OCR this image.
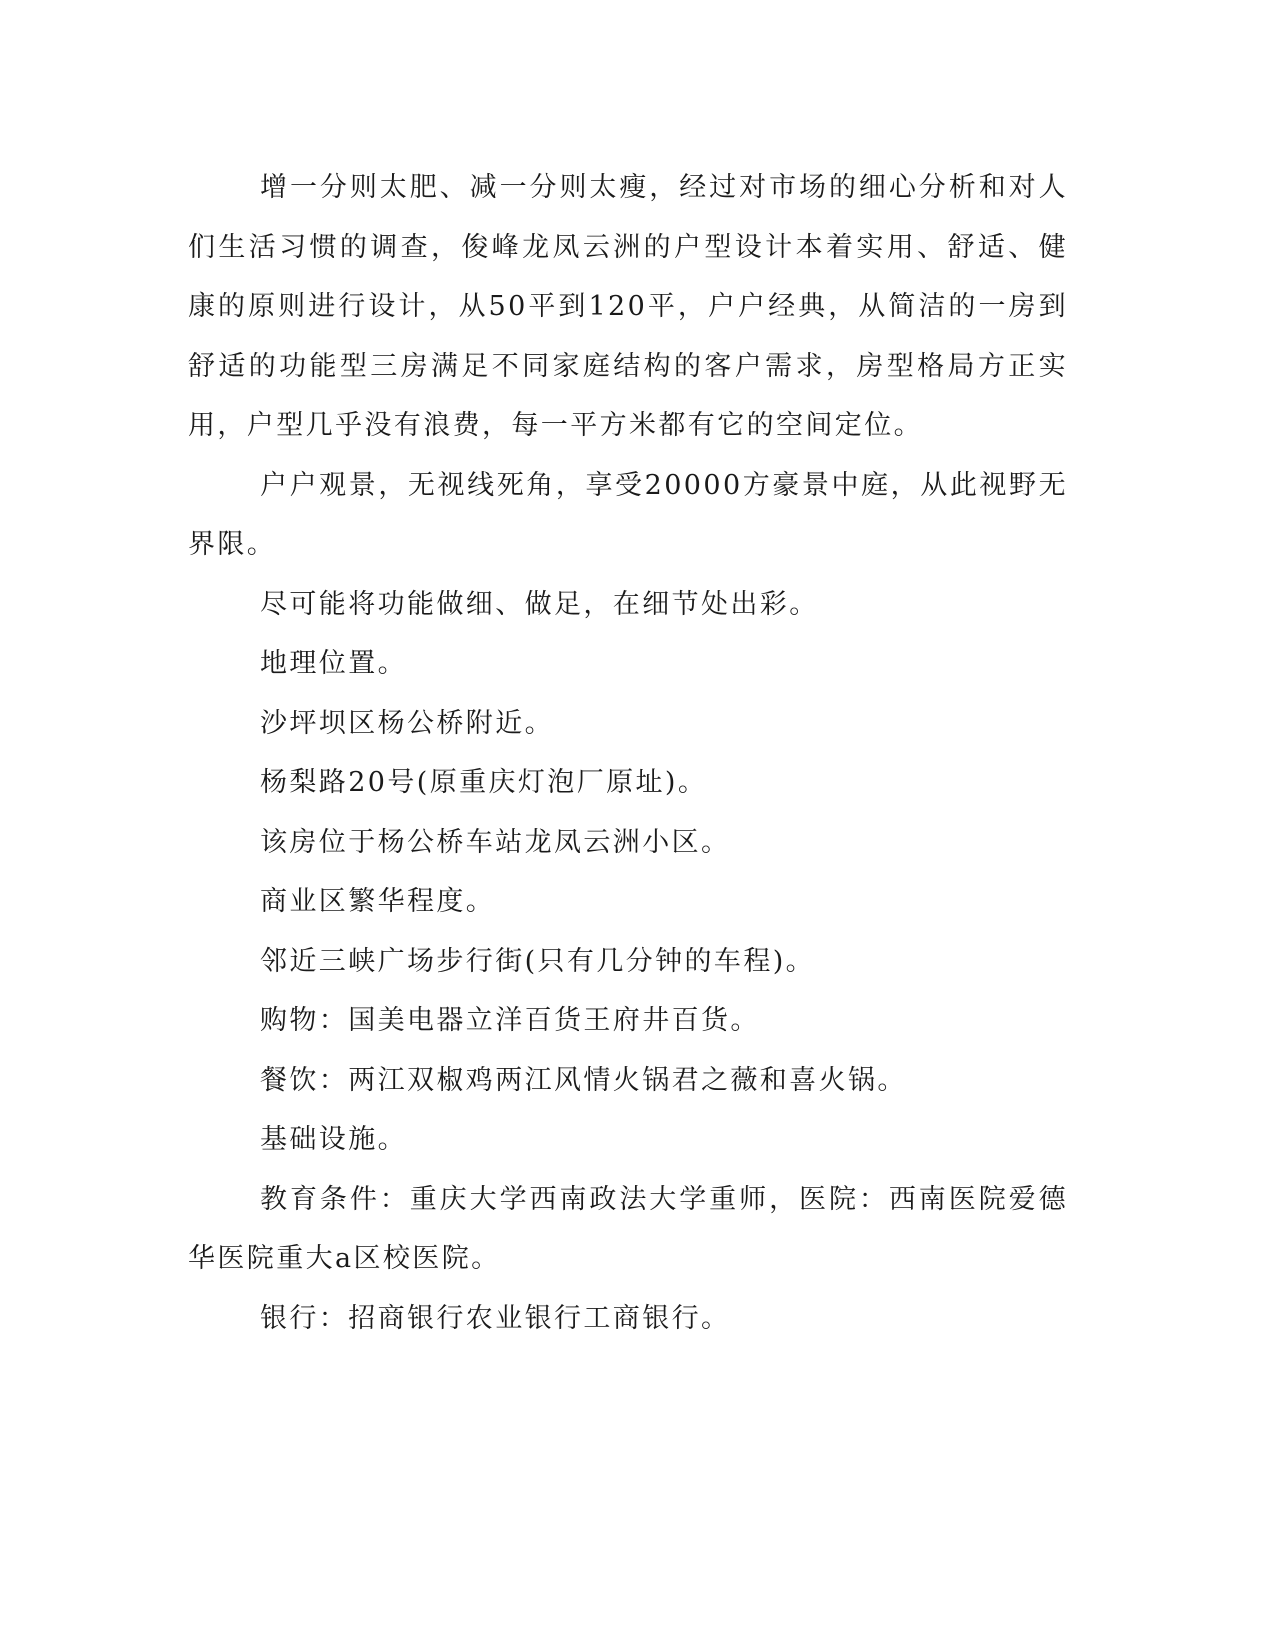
增一分则太肥、减一分则太瘦，经过对市场的细心分析和对人们生活习惯的调查，俊峰龙凤云洲的户型设计本着实用、舒适、健康的原则进行设计，从50平到120平，户户经典，从简洁的一房到舒适的功能型三房满足不同家庭结构的客户需求，房型格局方正实用，户型几乎没有浪费，每一平方米都有它的空间定位。

户户观景，无视线死角，享受20000方豪景中庭，从此视野无界限。

尽可能将功能做细、做足，在细节处出彩。

地理位置。

沙坪坝区杨公桥附近。

杨梨路20号(原重庆灯泡厂原址)。

该房位于杨公桥车站龙凤云洲小区。

商业区繁华程度。

邻近三峡广场步行街(只有几分钟的车程)。

购物：国美电器立洋百货王府井百货。

餐饮：两江双椒鸡两江风情火锅君之薇和喜火锅。

基础设施。

教育条件：重庆大学西南政法大学重师，医院：西南医院爱德华医院重大a区校医院。

银行：招商银行农业银行工商银行。
